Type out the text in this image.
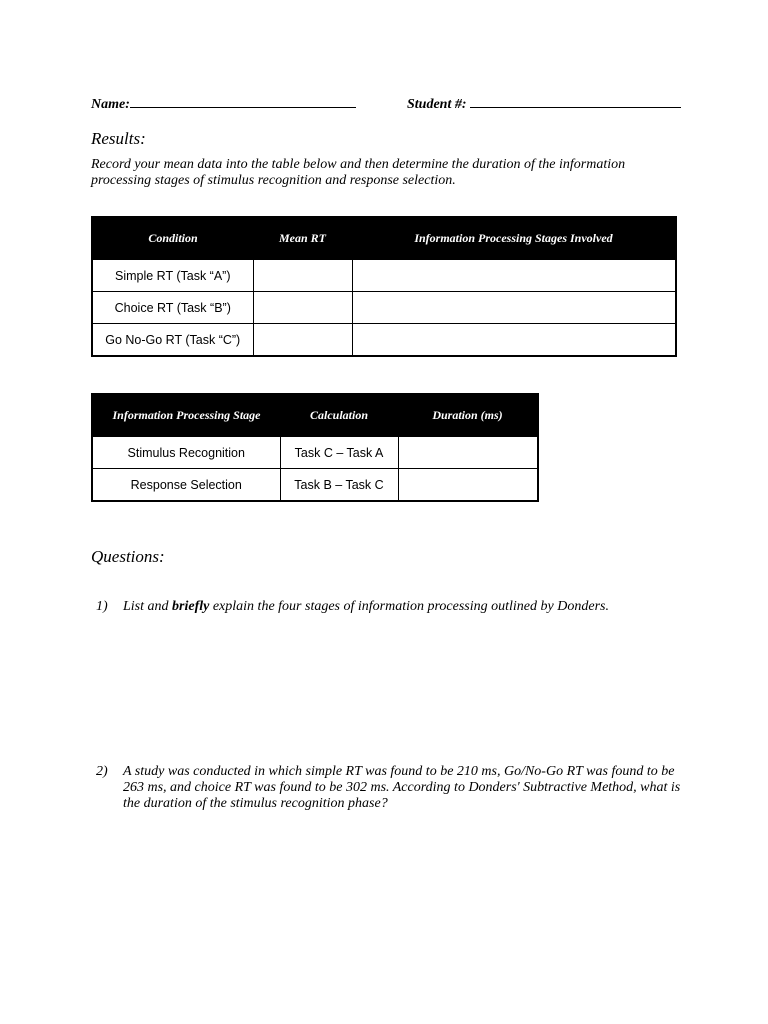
Name:	Student #:
Results:
Record your mean data into the table below and then determine the duration of the information
processing stages of stimulus recognition and response selection.
Condition	Mean RT	Information Processing Stages Involved
Simple RT (Task “A”)		
Choice RT (Task “B”)		
Go No-Go RT (Task “C”)		
Information Processing Stage	Calculation	Duration (ms)
Stimulus Recognition	Task C – Task A	
Response Selection	Task B – Task C	
Questions:
1) List and briefly explain the four stages of information processing outlined by Donders.
2) A study was conducted in which simple RT was found to be 210 ms, Go/No-Go RT was found to be
263 ms, and choice RT was found to be 302 ms. According to Donders' Subtractive Method, what is
the duration of the stimulus recognition phase?
